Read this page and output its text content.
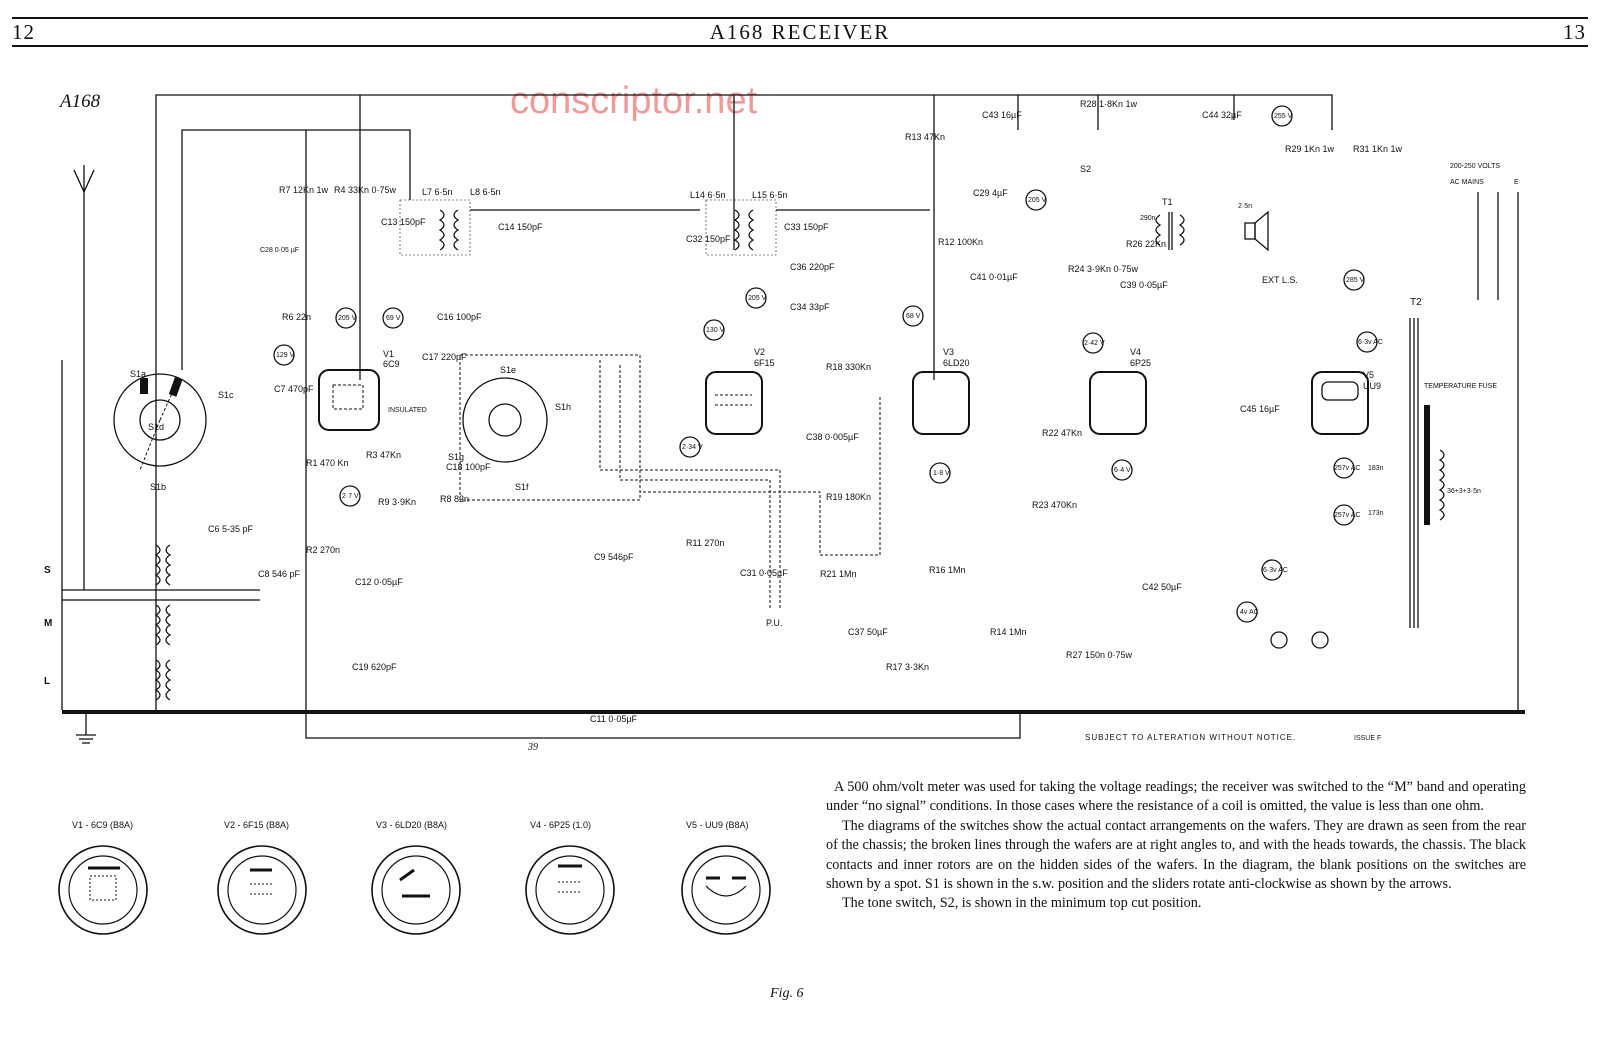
12	A168 RECEIVER	13
A168	conscriptor.net
S1a
S1b
S1c
S1d
S
M
L
V1
6C9
S1e
S1f
S1g
S1h
INSULATED
V2
6F15
V3
6LD20
V4
6P25
V5
UU9
EXT L.S.
T2
TEMPERATURE FUSE
200-250 VOLTS
AC MAINS	E
P.U.
205 V	69 V
129 V
2·7 V
205 V
130 V
2·34 V
68 V
1·8 V
205 V
2·42 V
6·4 V
255 V
285 V
6·3v AC
257v AC
257v AC
6·3v AC
4v AC
R7 12Kn 1w R4 33Kn 0·75w
C28 0·05 µF
R6 22n
C13 150pF
L7 6·5n L8 6·5n
C14 150pF
C16 100pF
C17 220pF
C7 470pF
R1 470 Kn
R3 47Kn
R2 270n
C12 0·05µF
C19 620pF
R9 3·9Kn
C18 100pF
R8 82n
C9 546pF
C8 546 pF
C11 0·05µF
C6 5-35 pF
L14 6·5n	L15 6·5n
C32 150pF
C33 150pF
C36 220pF
C34 33pF
R11 270n
C31 0·05µF
R18 330Kn
C38 0·005µF
R19 180Kn
R21 1Mn
C37 50µF
R17 3·3Kn
R16 1Mn
R14 1Mn
R13 47Kn
R12 100Kn
C29 4µF
C41 0·01µF
C43 16µF
R28 1·8Kn 1w
S2
R24 3·9Kn 0·75w
R26 22Kn
C39 0·05µF
R22 47Kn
R23 470Kn
R27 150n 0·75w
C42 50µF
T1
290n
2·5n
C44 32µF
R29 1Kn 1w R31 1Kn 1w
C45 16µF
183n
173n
36+3+3·5n
SUBJECT TO ALTERATION WITHOUT NOTICE.	ISSUE F
39
V1 - 6C9 (B8A)	V2 - 6F15 (B8A)	V3 - 6LD20 (B8A)	V4 - 6P25 (1.0)	V5 - UU9 (B8A)

A 500 ohm/volt meter was used for taking the voltage readings; the receiver was switched to the “M” band and operating under “no signal” conditions. In those cases where the resistance of a coil is omitted, the value is less than one ohm.

The diagrams of the switches show the actual contact arrangements on the wafers. They are drawn as seen from the rear of the chassis; the broken lines through the wafers are at right angles to, and with the heads towards, the chassis. The black contacts and inner rotors are on the hidden sides of the wafers. In the diagram, the blank positions on the switches are shown by a spot. S1 is shown in the s.w. position and the sliders rotate anti-clockwise as shown by the arrows.

The tone switch, S2, is shown in the minimum top cut position.

Fig. 6
